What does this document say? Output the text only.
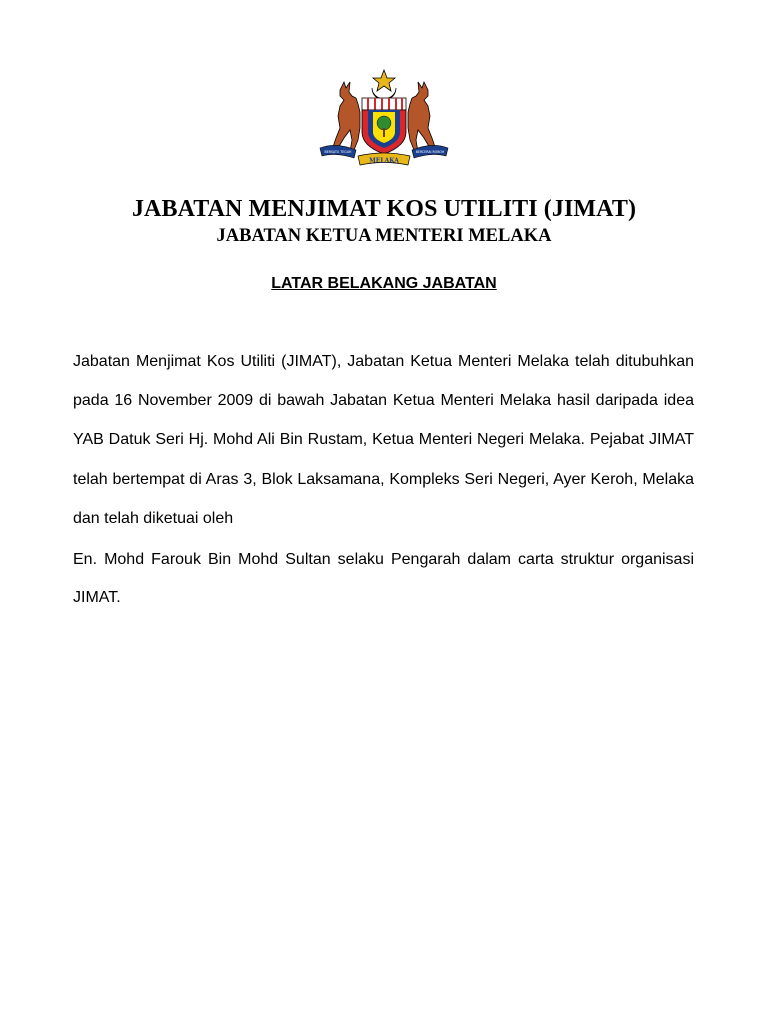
BERSATU TEGUH	BERCERAI ROBOH
MELAKA
JABATAN MENJIMAT KOS UTILITI (JIMAT)
JABATAN KETUA MENTERI MELAKA
LATAR BELAKANG JABATAN

Jabatan Menjimat Kos Utiliti (JIMAT), Jabatan Ketua Menteri Melaka telah ditubuhkan pada 16 November 2009 di bawah Jabatan Ketua Menteri Melaka hasil daripada idea YAB Datuk Seri Hj. Mohd Ali Bin Rustam, Ketua Menteri Negeri Melaka. Pejabat JIMAT telah bertempat di Aras 3, Blok Laksamana, Kompleks Seri Negeri, Ayer Keroh, Melaka dan telah diketuai oleh

En. Mohd Farouk Bin Mohd Sultan selaku Pengarah dalam carta struktur organisasi JIMAT.
